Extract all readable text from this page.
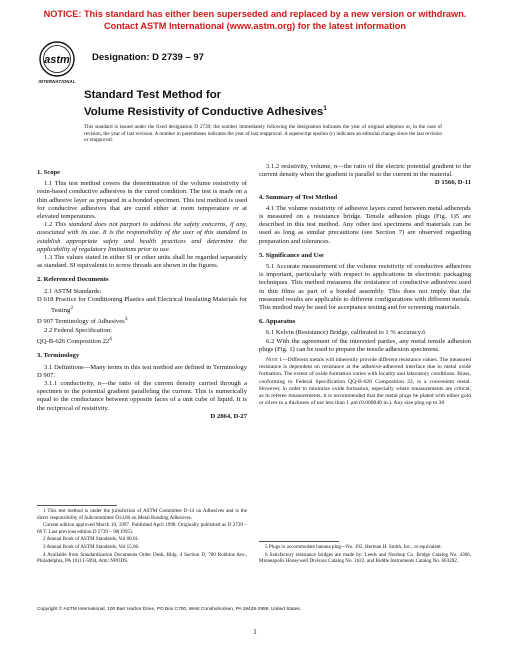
NOTICE: This standard has either been superseded and replaced by a new version or withdrawn.
Contact ASTM International (www.astm.org) for the latest information
astm
INTERNATIONAL
Designation: D 2739 – 97
Standard Test Method for
Volume Resistivity of Conductive Adhesives$^1$
This standard is issued under the fixed designation D 2739; the number immediately following the designation indicates the year of original adoption or, in the case of revision, the year of last revision. A number in parentheses indicates the year of last reapproval. A superscript epsilon (ε) indicates an editorial change since the last revision or reapproval.
1. Scope

1.1 This test method covers the determination of the volume resistivity of resin-based conductive adhesives in the cured condition. The test is made on a thin adhesive layer as prepared in a bonded specimen. This test method is used for conductive adhesives that are cured either at room temperature or at elevated temperatures.

1.2 This standard does not purport to address the safety concerns, if any, associated with its use. It is the responsibility of the user of this standard to establish appropriate safety and health practices and determine the applicability of regulatory limitations prior to use.

1.3 The values stated in either SI or other units shall be regarded separately as standard. SI equivalents to screw threads are shown in the figures.

2. Referenced Documents
2.1 ASTM Standards:
D 618 Practice for Conditioning Plastics and Electrical Insulating Materials for Testing$^2$
D 907 Terminology of Adhesives$^3$
2.2 Federal Specification:
QQ-B-626 Composition $22^4$
3. Terminology

3.1 Definitions—Many terms in this test method are defined in Terminology D 907.

3.1.1 conductivity, n—the ratio of the current density carried through a specimen to the potential gradient paralleling the current. This is numerically equal to the conductance between opposite faces of a unit cube of liquid. It is the reciprocal of resistivity.

D 2864, D-27

3.1.2 resistivity, volume, n—the ratio of the electric potential gradient to the current density when the gradient is parallel to the current in the material.

D 1566, D-11
4. Summary of Test Method

4.1 The volume resistivity of adhesive layers cured between metal adherends is measured on a resistance bridge. Tensile adhesion plugs (Fig. 1)5 are described in this test method. Any other test specimens and materials can be used as long as similar precautions (see Section 7) are observed regarding preparation and tolerances.

5. Significance and Use

5.1 Accurate measurement of the volume resistivity of conductive adhesives is important, particularly with respect to applications in electronic packaging techniques. This method measures the resistance of conductive adhesives used in thin films as part of a bonded assembly. This does not imply that the measured results are applicable to different configurations with different metals. This method may be used for acceptance testing and for screening materials.

6. Apparatus

6.1 Kelvin (Resistance) Bridge, calibrated to 1 % accuracy.6

6.2 With the agreement of the interested parties, any metal tensile adhesion plugs (Fig. 1) can be used to prepare the tensile adhesion specimens.

Note 1—Different metals will inherently provide different resistance values. The measured resistance is dependent on resistance at the adhesive-adherend interface due to metal oxide formation. The extent of oxide formation varies with locality and laboratory conditions. Brass, conforming to Federal Specification QQ-B-626 Composition 22, is a convenient metal. However, in order to minimize oxide formation, especially where measurements are critical, as in referee measurements, it is recommended that the metal plugs be plated with either gold or silver to a thickness of not less than 1 μm (0.000040 in.). Any size plug up to 30

1 This test method is under the jurisdiction of ASTM Committee D-14 on Adhesives and is the direct responsibility of Subcommittee D14.80 on Metal Bonding Adhesives.

Current edition approved March 10, 1997. Published April 1998. Originally published as D 2739 – 68 T. Last previous edition D 2739 – 90(1995).

2 Annual Book of ASTM Standards, Vol 08.01.

3 Annual Book of ASTM Standards, Vol 15.06.

4 Available from Standardization Documents Order Desk, Bldg. 4 Section D, 700 Robbins Ave., Philadelphia, PA 19111-5094, Attn: NPODS.

5 Plugs to accommodate banana plug—No. 192, Herman H. Smith, Inc., or equivalent.

6 Satisfactory resistance bridges are made by: Leeds and Northup Co. Bridge Catalog No. 4306, Minneapolis Honeywell Division Catalog No. 1622, and Biddle Instruments Catalog No. 603282.

Copyright © ASTM International, 100 Barr Harbor Drive, PO Box C700, West Conshohocken, PA 19428-2959, United States.
1
